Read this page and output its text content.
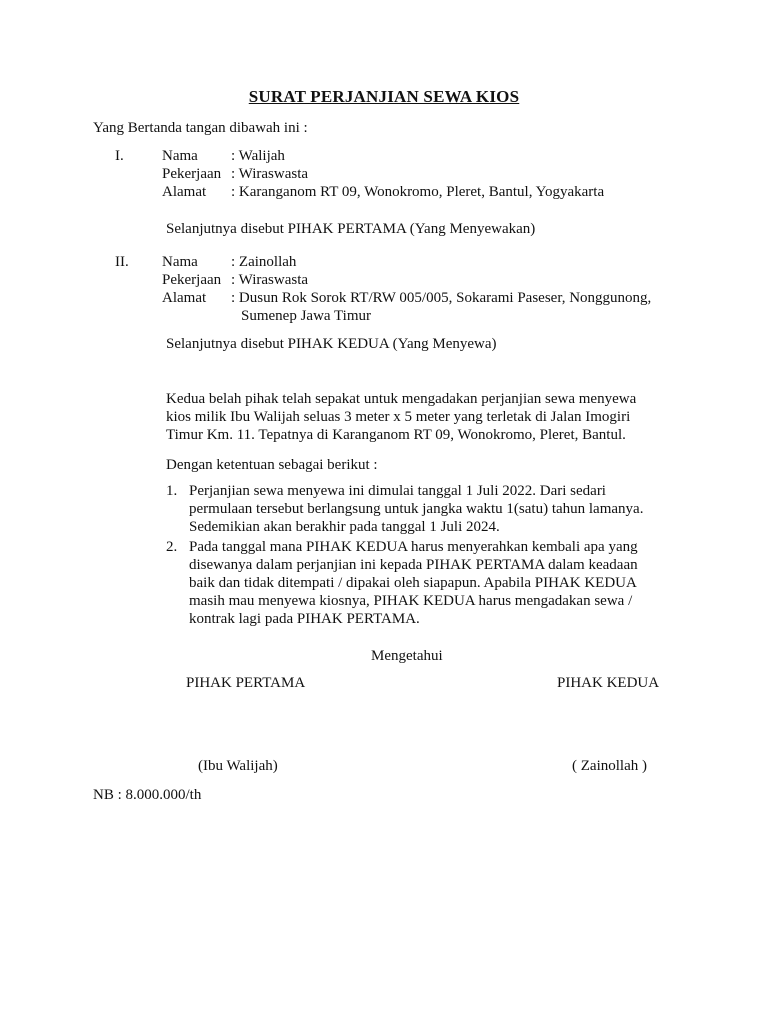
SURAT PERJANJIAN SEWA KIOS
Yang Bertanda tangan dibawah ini :
I.	Nama	: Walijah
Pekerjaan : Wiraswasta
Alamat	: Karanganom RT 09, Wonokromo, Pleret, Bantul, Yogyakarta
Selanjutnya disebut PIHAK PERTAMA (Yang Menyewakan)
II.	Nama	: Zainollah
Pekerjaan : Wiraswasta
Alamat	: Dusun Rok Sorok RT/RW 005/005, Sokarami Paseser, Nonggunong,
Sumenep Jawa Timur
Selanjutnya disebut PIHAK KEDUA (Yang Menyewa)
Kedua belah pihak telah sepakat untuk mengadakan perjanjian sewa menyewa kios milik Ibu Walijah seluas 3 meter x 5 meter yang terletak di Jalan Imogiri Timur Km. 11. Tepatnya di Karanganom RT 09, Wonokromo, Pleret, Bantul.
Dengan ketentuan sebagai berikut :
1. Perjanjian sewa menyewa ini dimulai tanggal 1 Juli 2022. Dari sedari permulaan tersebut berlangsung untuk jangka waktu 1(satu) tahun lamanya. Sedemikian akan berakhir pada tanggal 1 Juli 2024.
2. Pada tanggal mana PIHAK KEDUA harus menyerahkan kembali apa yang disewanya dalam perjanjian ini kepada PIHAK PERTAMA dalam keadaan baik dan tidak ditempati / dipakai oleh siapapun. Apabila PIHAK KEDUA masih mau menyewa kiosnya, PIHAK KEDUA harus mengadakan sewa / kontrak lagi pada PIHAK PERTAMA.
Mengetahui
PIHAK PERTAMA	PIHAK KEDUA
(Ibu Walijah)	( Zainollah )
NB : 8.000.000/th
